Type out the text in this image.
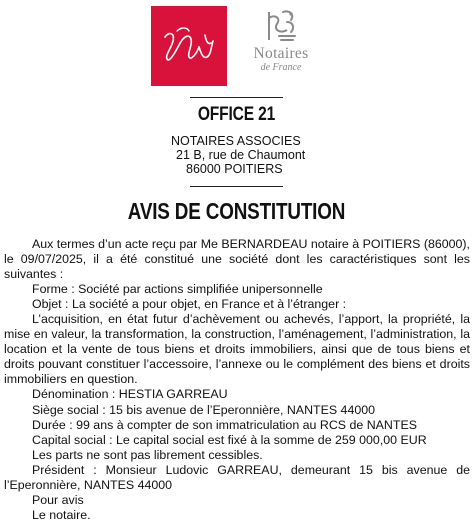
Notaires
de France
OFFICE 21
NOTAIRES ASSOCIES
21 B, rue de Chaumont
86000 POITIERS
AVIS DE CONSTITUTION

Aux termes d’un acte reçu par Me BERNARDEAU notaire à POITIERS (86000), le 09/07/2025, il a été constitué une société dont les caractéristiques sont les suivantes :

Forme : Société par actions simplifiée unipersonnelle

Objet : La société a pour objet, en France et à l’étranger :

L’acquisition, en état futur d’achèvement ou achevés, l’apport, la propriété, la mise en valeur, la transformation, la construction, l’aménagement, l’administration, la location et la vente de tous biens et droits immobiliers, ainsi que de tous biens et droits pouvant constituer l’accessoire, l’annexe ou le complément des biens et droits immobiliers en question.

Dénomination : HESTIA GARREAU

Siège social : 15 bis avenue de l’Eperonnière, NANTES 44000

Durée : 99 ans à compter de son immatriculation au RCS de NANTES

Capital social : Le capital social est fixé à la somme de 259 000,00 EUR

Les parts ne sont pas librement cessibles.

Président : Monsieur Ludovic GARREAU, demeurant 15 bis avenue de l’Eperonnière, NANTES 44000

Pour avis

Le notaire.
